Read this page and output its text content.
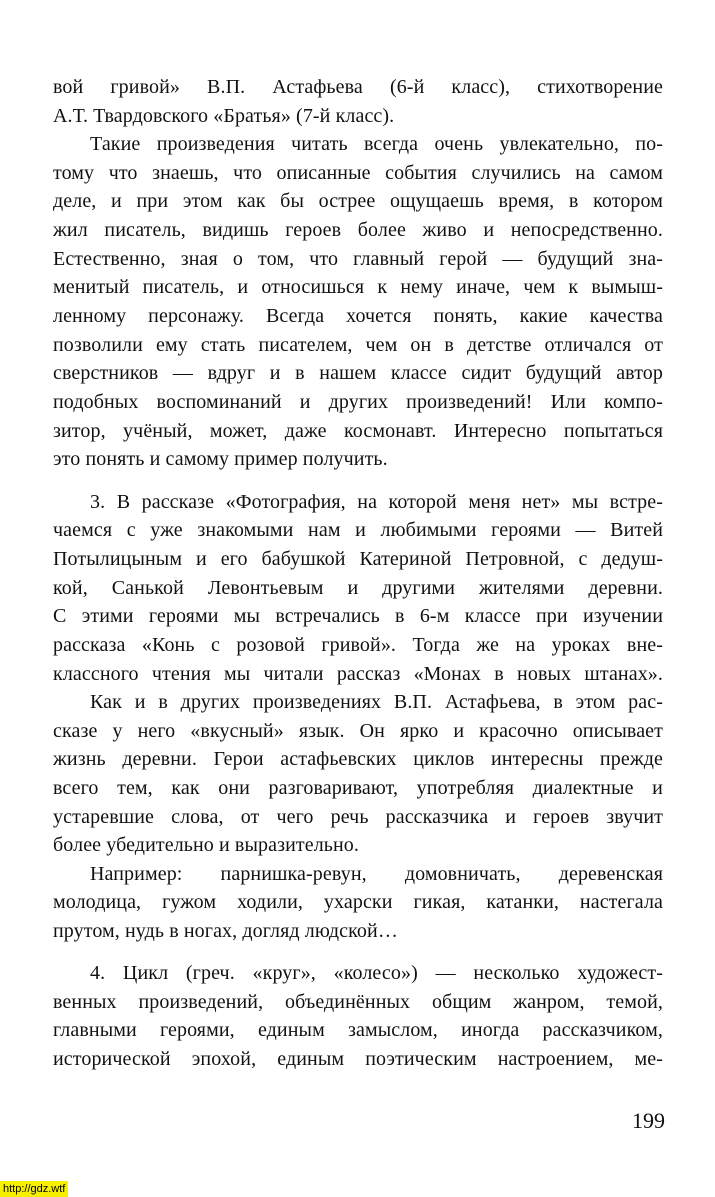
вой гривой» В.П. Астафьева (6-й класс), стихотворение
А.Т. Твардовского «Братья» (7-й класс).
Такие произведения читать всегда очень увлекательно, по-
тому что знаешь, что описанные события случились на самом
деле, и при этом как бы острее ощущаешь время, в котором
жил писатель, видишь героев более живо и непосредственно.
Естественно, зная о том, что главный герой — будущий зна-
менитый писатель, и относишься к нему иначе, чем к вымыш-
ленному персонажу. Всегда хочется понять, какие качества
позволили ему стать писателем, чем он в детстве отличался от
сверстников — вдруг и в нашем классе сидит будущий автор
подобных воспоминаний и других произведений! Или компо-
зитор, учёный, может, даже космонавт. Интересно попытаться
это понять и самому пример получить.
3. В рассказе «Фотография, на которой меня нет» мы встре-
чаемся с уже знакомыми нам и любимыми героями — Витей
Потылицыным и его бабушкой Катериной Петровной, с дедуш-
кой, Санькой Левонтьевым и другими жителями деревни.
С этими героями мы встречались в 6-м классе при изучении
рассказа «Конь с розовой гривой». Тогда же на уроках вне-
классного чтения мы читали рассказ «Монах в новых штанах».
Как и в других произведениях В.П. Астафьева, в этом рас-
сказе у него «вкусный» язык. Он ярко и красочно описывает
жизнь деревни. Герои астафьевских циклов интересны прежде
всего тем, как они разговаривают, употребляя диалектные и
устаревшие слова, от чего речь рассказчика и героев звучит
более убедительно и выразительно.
Например: парнишка-ревун, домовничать, деревенская
молодица, гужом ходили, ухарски гикая, катанки, настегала
прутом, нудь в ногах, догляд людской…
4. Цикл (греч. «круг», «колесо») — несколько художест-
венных произведений, объединённых общим жанром, темой,
главными героями, единым замыслом, иногда рассказчиком,
исторической эпохой, единым поэтическим настроением, ме-
199
http://gdz.wtf
